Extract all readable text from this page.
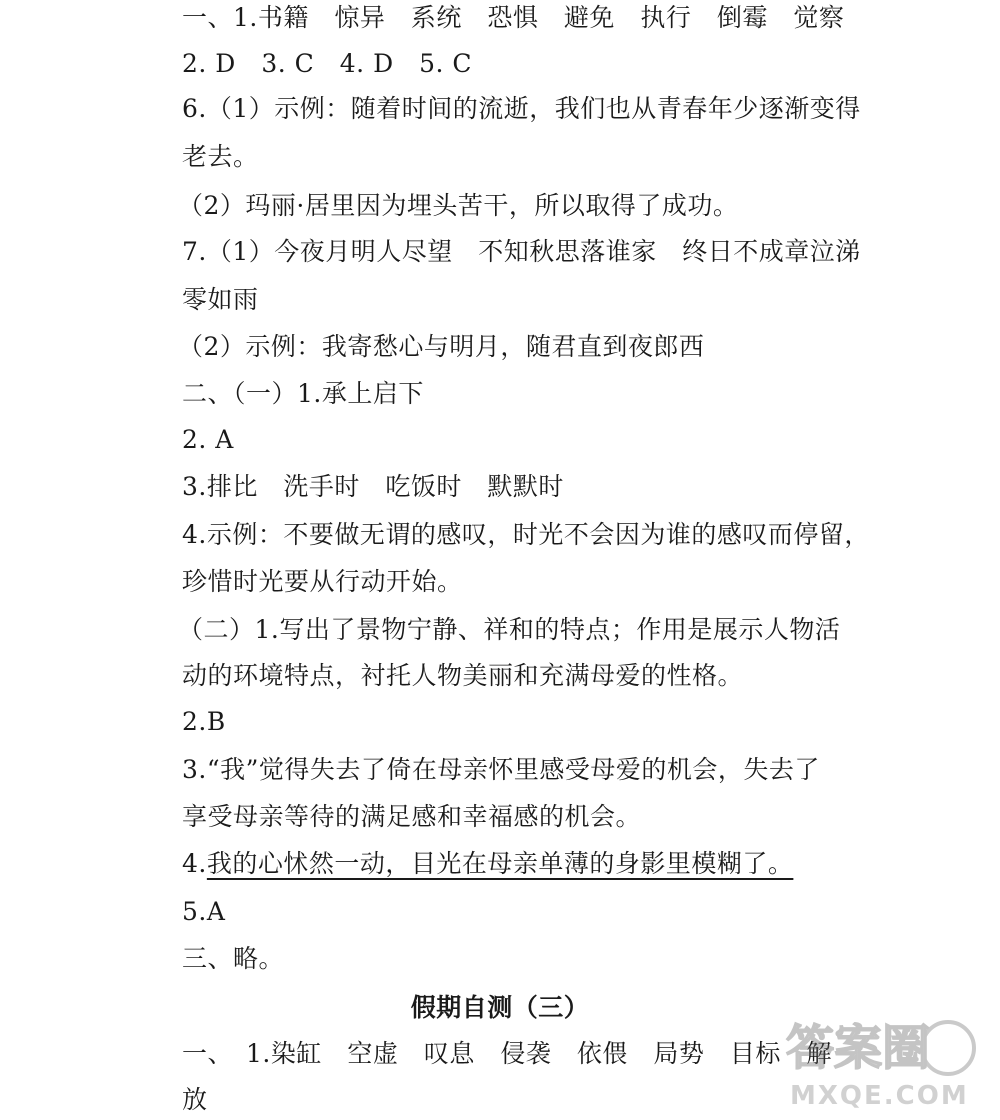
一、1.书籍　惊异　系统　恐惧　避免　执行　倒霉　觉察
2. D　3. C　4. D　5. C
6.（1）示例：随着时间的流逝，我们也从青春年少逐渐变得
老去。
（2）玛丽·居里因为埋头苦干，所以取得了成功。
7.（1）今夜月明人尽望　不知秋思落谁家　终日不成章泣涕
零如雨
（2）示例：我寄愁心与明月，随君直到夜郎西
二、（一）1.承上启下
2. A
3.排比　洗手时　吃饭时　默默时
4.示例：不要做无谓的感叹，时光不会因为谁的感叹而停留，
珍惜时光要从行动开始。
（二）1.写出了景物宁静、祥和的特点；作用是展示人物活
动的环境特点，衬托人物美丽和充满母爱的性格。
2.B
3.“我”觉得失去了倚在母亲怀里感受母爱的机会，失去了
享受母亲等待的满足感和幸福感的机会。
4.我的心怵然一动，目光在母亲单薄的身影里模糊了。
5.A
三、略。
假期自测（三）
一、　1.染缸　空虚　叹息　侵袭　依偎　局势　目标　解
放
答案圈
MXQE.COM
